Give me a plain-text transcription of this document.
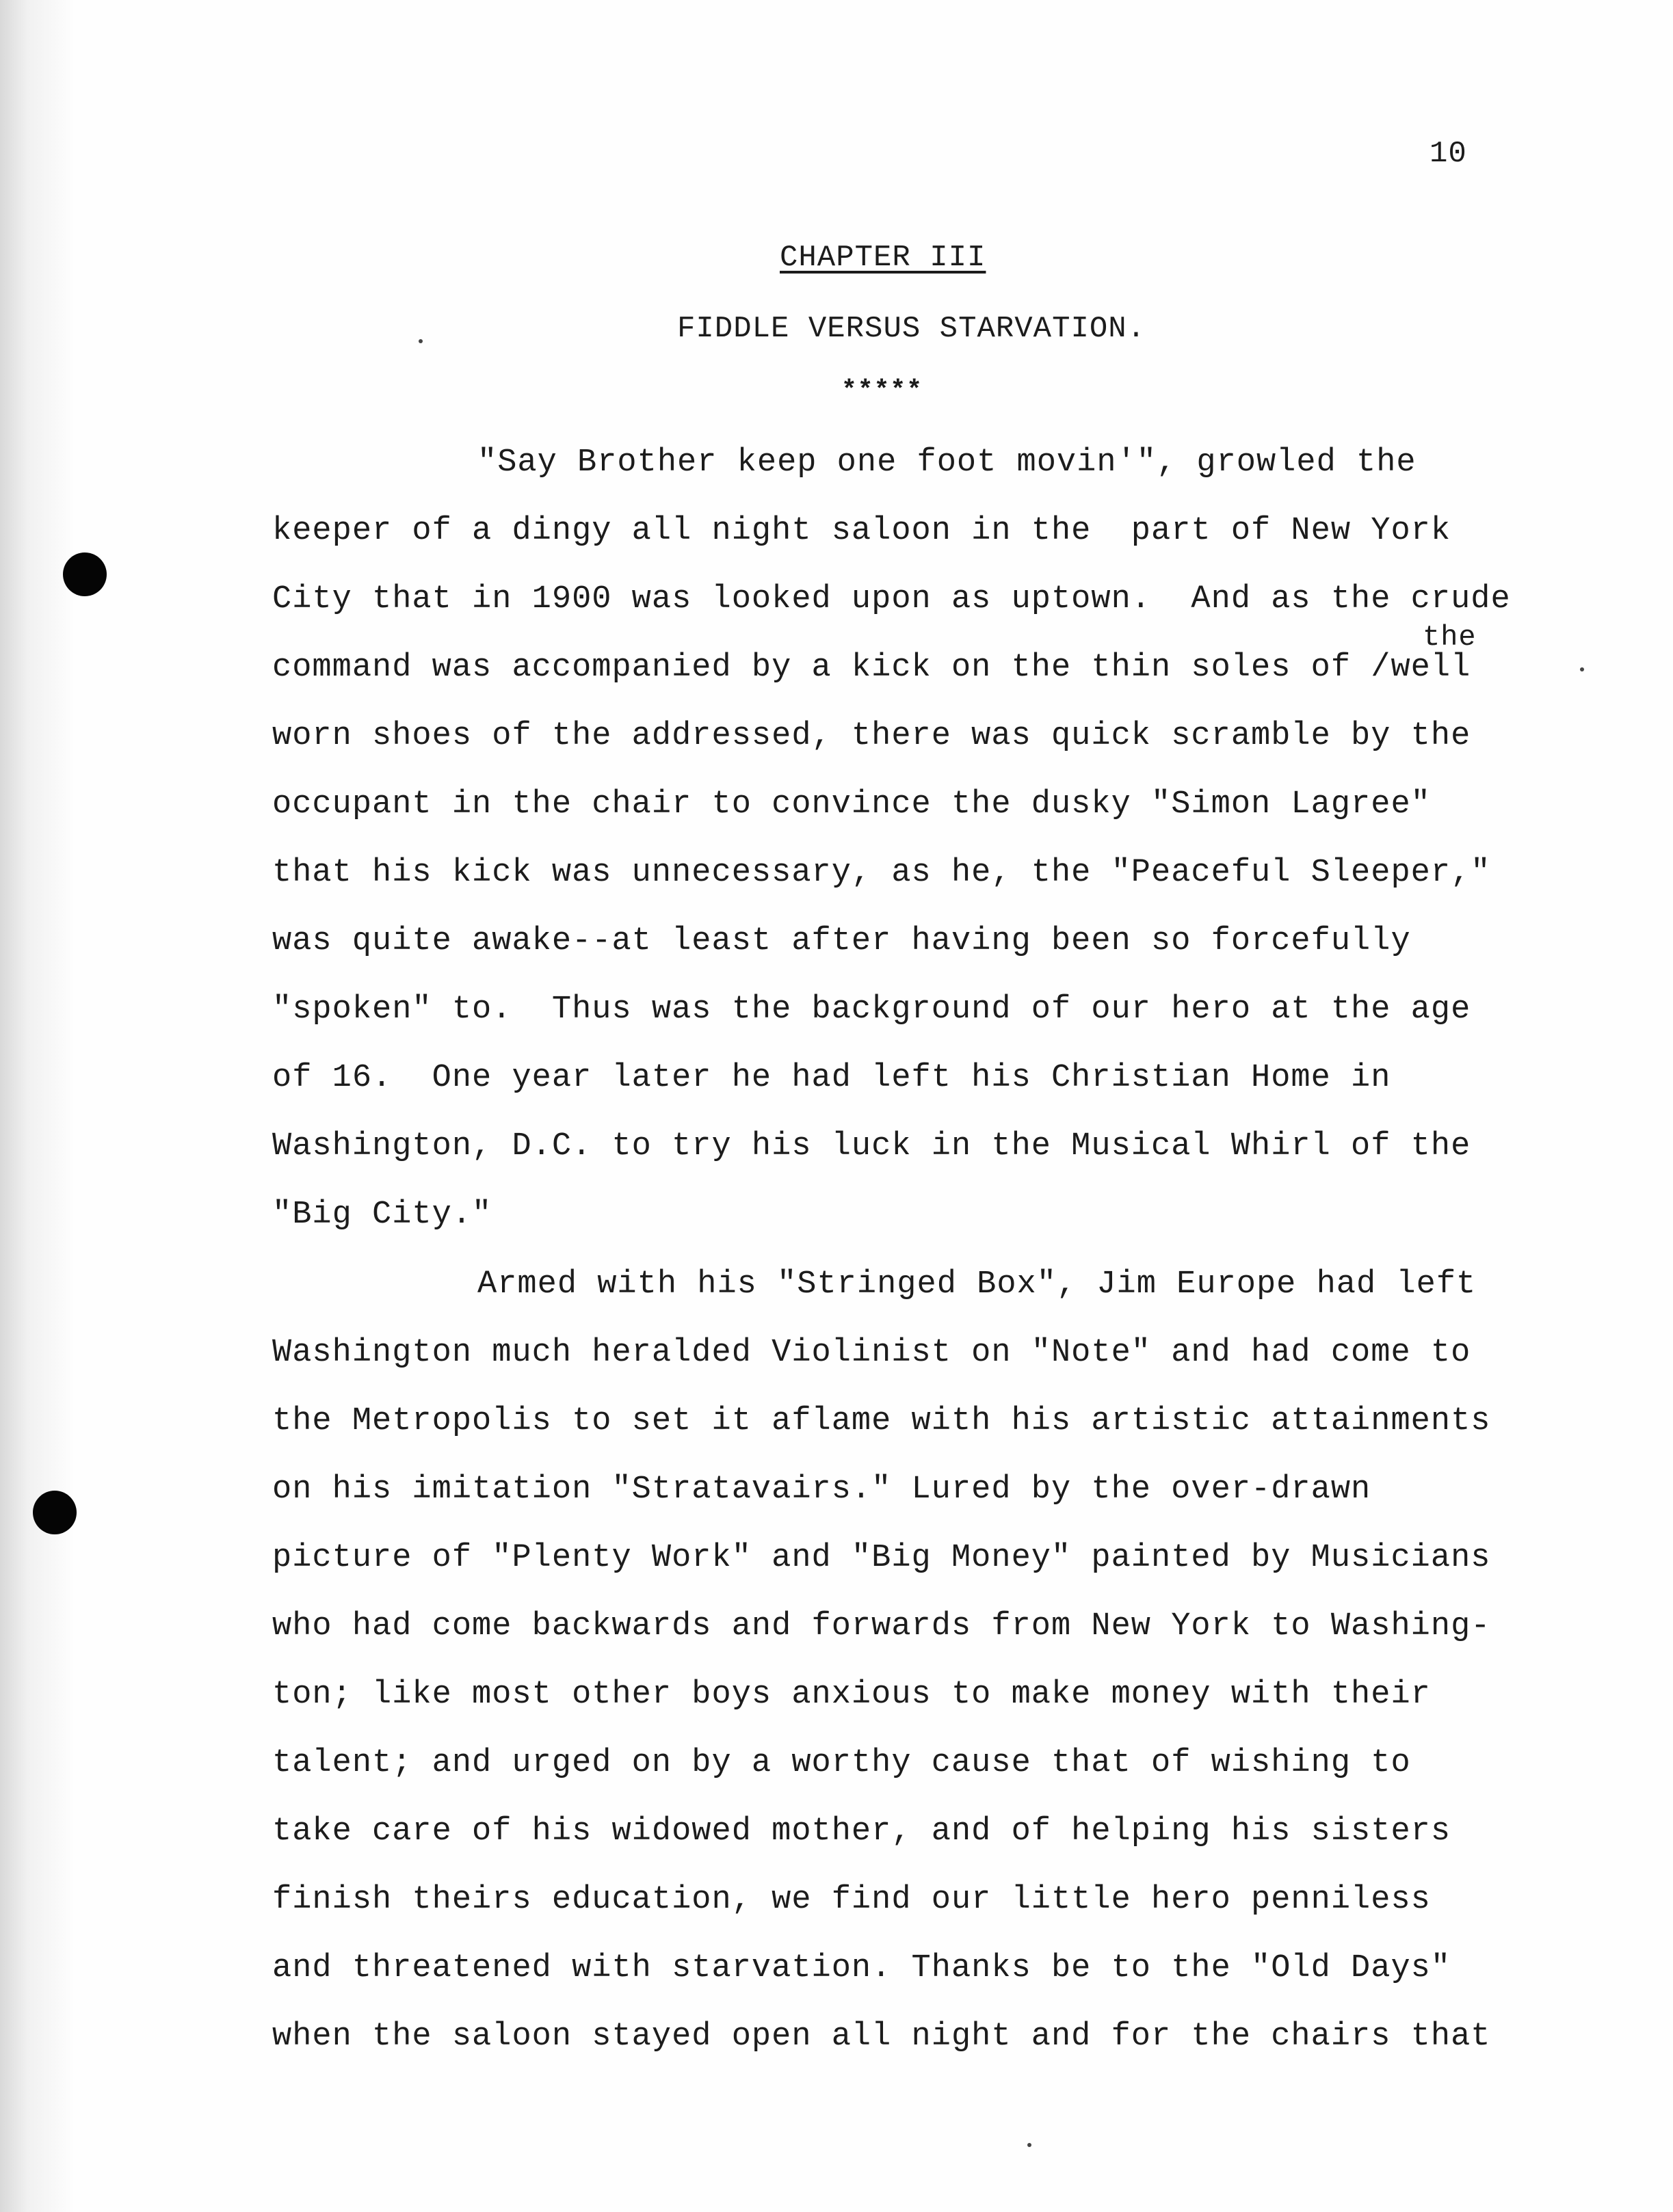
10
CHAPTER III
FIDDLE VERSUS STARVATION.
*****
the
"Say Brother keep one foot movin'", growled the
keeper of a dingy all night saloon in the  part of New York
City that in 1900 was looked upon as uptown.  And as the crude
command was accompanied by a kick on the thin soles of /well
worn shoes of the addressed, there was quick scramble by the
occupant in the chair to convince the dusky "Simon Lagree"
that his kick was unnecessary, as he, the "Peaceful Sleeper,"
was quite awake--at least after having been so forcefully
"spoken" to.  Thus was the background of our hero at the age
of 16.  One year later he had left his Christian Home in
Washington, D.C. to try his luck in the Musical Whirl of the
"Big City."
Armed with his "Stringed Box", Jim Europe had left
Washington much heralded Violinist on "Note" and had come to
the Metropolis to set it aflame with his artistic attainments
on his imitation "Stratavairs." Lured by the over-drawn
picture of "Plenty Work" and "Big Money" painted by Musicians
who had come backwards and forwards from New York to Washing-
ton; like most other boys anxious to make money with their
talent; and urged on by a worthy cause that of wishing to
take care of his widowed mother, and of helping his sisters
finish theirs education, we find our little hero penniless
and threatened with starvation. Thanks be to the "Old Days"
when the saloon stayed open all night and for the chairs that
